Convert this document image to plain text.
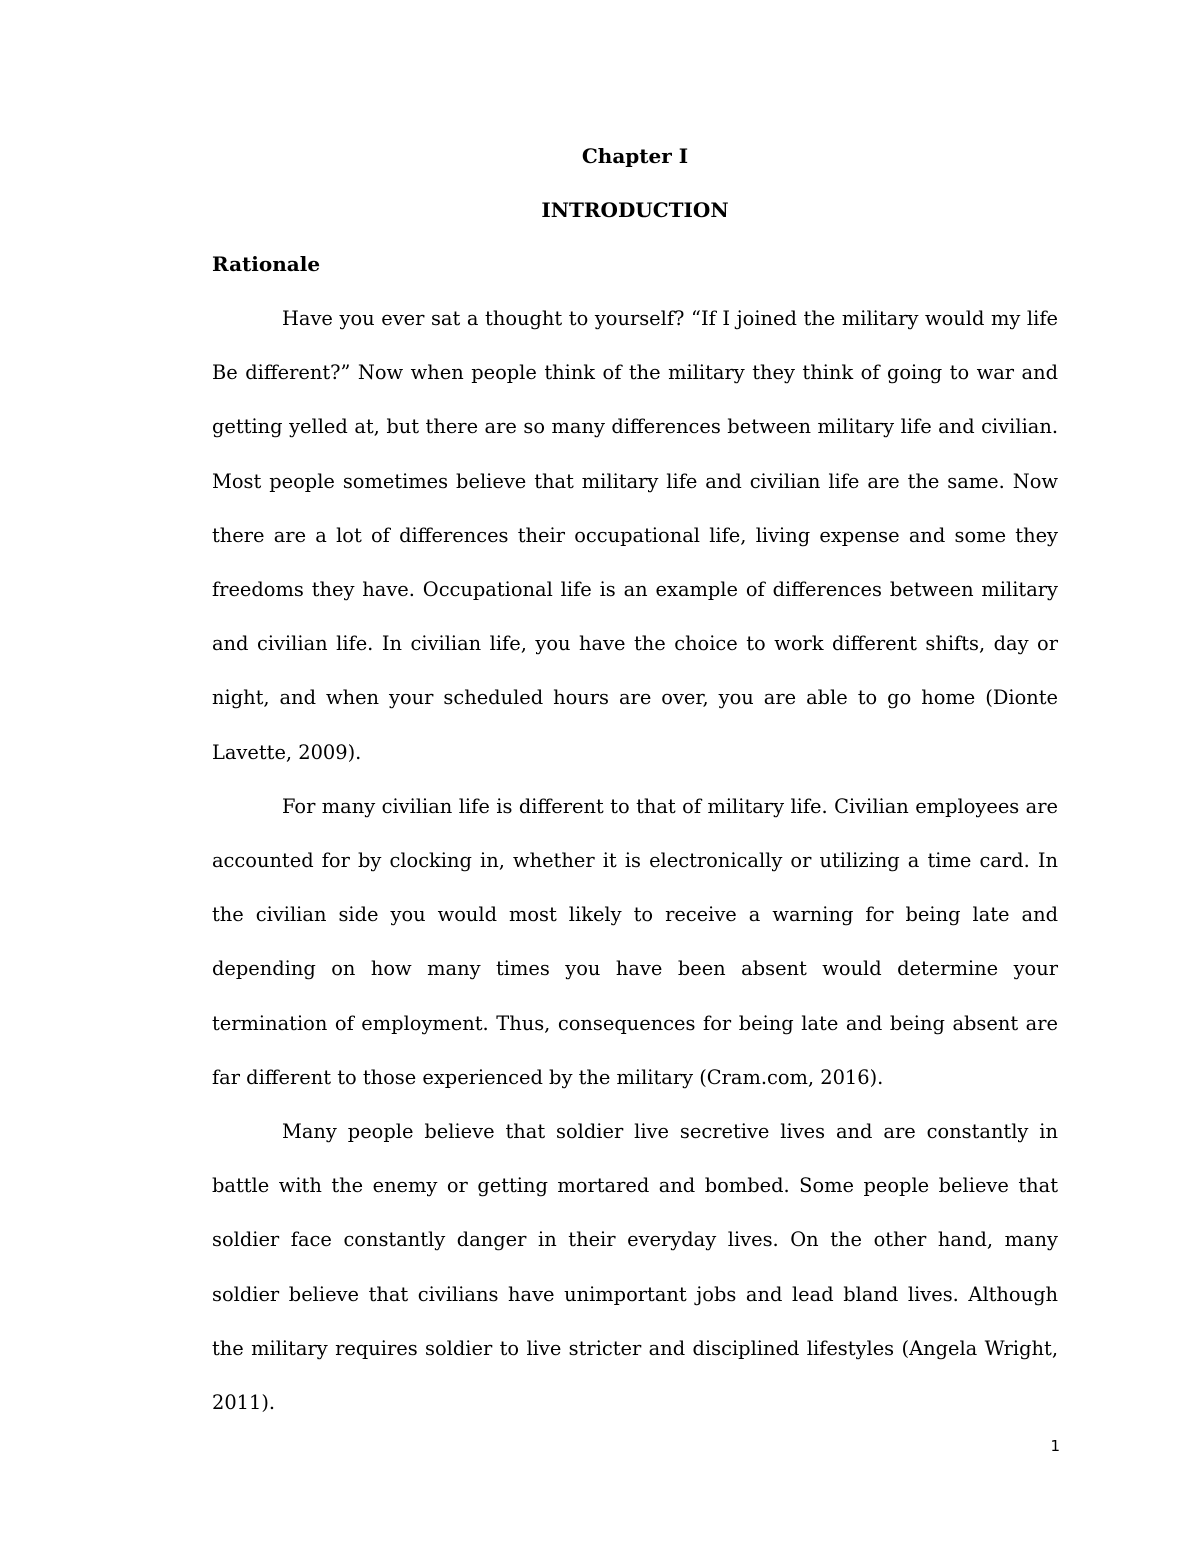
Chapter I
INTRODUCTION
Rationale

Have you ever sat a thought to yourself? “If I joined the military would my life Be different?” Now when people think of the military they think of going to war and getting yelled at, but there are so many differences between military life and civilian. Most people sometimes believe that military life and civilian life are the same. Now there are a lot of differences their occupational life, living expense and some they freedoms they have. Occupational life is an example of differences between military and civilian life. In civilian life, you have the choice to work different shifts, day or night, and when your scheduled hours are over, you are able to go home (Dionte Lavette, 2009).

For many civilian life is different to that of military life. Civilian employees are accounted for by clocking in, whether it is electronically or utilizing a time card. In the civilian side you would most likely to receive a warning for being late and depending on how many times you have been absent would determine your termination of employment. Thus, consequences for being late and being absent are far different to those experienced by the military (Cram.com, 2016).

Many people believe that soldier live secretive lives and are constantly in battle with the enemy or getting mortared and bombed. Some people believe that soldier face constantly danger in their everyday lives. On the other hand, many soldier believe that civilians have unimportant jobs and lead bland lives. Although the military requires soldier to live stricter and disciplined lifestyles (Angela Wright, 2011).

1
